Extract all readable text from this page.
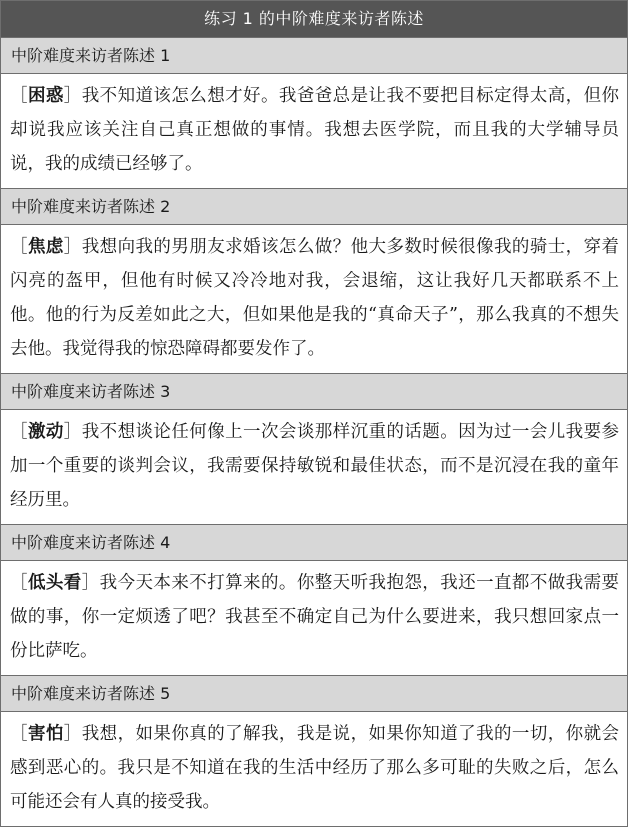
练习 1 的中阶难度来访者陈述
中阶难度来访者陈述 1
［困惑］我不知道该怎么想才好。我爸爸总是让我不要把目标定得太高，但你却说我应该关注自己真正想做的事情。我想去医学院，而且我的大学辅导员说，我的成绩已经够了。
中阶难度来访者陈述 2
［焦虑］我想向我的男朋友求婚该怎么做？他大多数时候很像我的骑士，穿着闪亮的盔甲，但他有时候又冷冷地对我，会退缩，这让我好几天都联系不上他。他的行为反差如此之大，但如果他是我的“真命天子”，那么我真的不想失去他。我觉得我的惊恐障碍都要发作了。
中阶难度来访者陈述 3
［激动］我不想谈论任何像上一次会谈那样沉重的话题。因为过一会儿我要参加一个重要的谈判会议，我需要保持敏锐和最佳状态，而不是沉浸在我的童年经历里。
中阶难度来访者陈述 4
［低头看］我今天本来不打算来的。你整天听我抱怨，我还一直都不做我需要做的事，你一定烦透了吧？我甚至不确定自己为什么要进来，我只想回家点一份比萨吃。
中阶难度来访者陈述 5
［害怕］我想，如果你真的了解我，我是说，如果你知道了我的一切，你就会感到恶心的。我只是不知道在我的生活中经历了那么多可耻的失败之后，怎么可能还会有人真的接受我。
